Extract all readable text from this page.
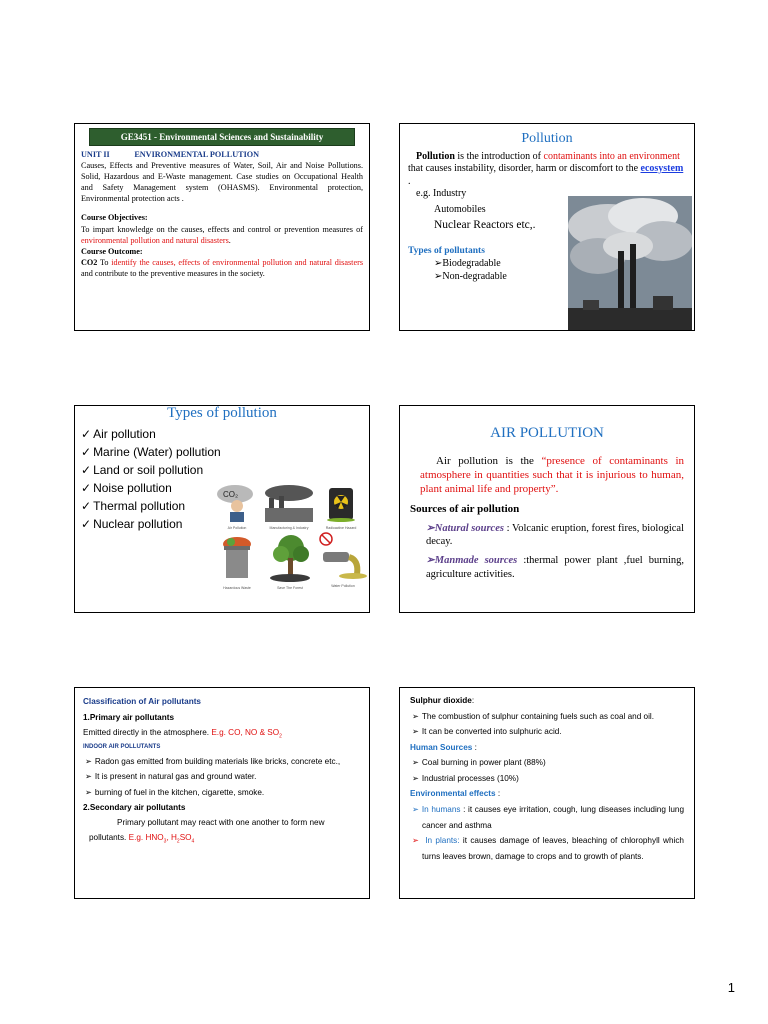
GE3451 - Environmental Sciences and Sustainability

UNIT II	ENVIRONMENTAL POLLUTION

Causes, Effects and Preventive measures of Water, Soil, Air and Noise Pollutions. Solid, Hazardous and E-Waste management. Case studies on Occupational Health and Safety Management system (OHASMS). Environmental protection, Environmental protection acts .

Course Objectives:

To impart knowledge on the causes, effects and control or prevention measures of environmental pollution and natural disasters.

Course Outcome:

CO2 To identify the causes, effects of environmental pollution and natural disasters and contribute to the preventive measures in the society.

Pollution

Pollution is the introduction of contaminants into an environment that causes instability, disorder, harm or discomfort to the ecosystem .

e.g. Industry

Automobiles

Nuclear Reactors etc,.

Types of pollutants

➢Biodegradable

➢Non-degradable

Types of pollution
✓ Air pollution
✓ Marine (Water) pollution
✓ Land or soil pollution
✓ Noise pollution
✓ Thermal pollution
✓ Nuclear pollution
CO₂
Air Pollution	Manufacturing & Industry	Radioactive Hazard
Hazardous Waste	Save The Forest	Water Pollution
AIR POLLUTION

Air pollution is the “presence of contaminants in atmosphere in quantities such that it is injurious to human, plant animal life and property”.

Sources of air pollution

➢Natural sources : Volcanic eruption, forest fires, biological decay.

➢Manmade sources :thermal power plant ,fuel burning, agriculture activities.

Classification of Air pollutants

1.Primary air pollutants

Emitted directly in the atmosphere. E.g. CO, NO & $SO_2$

INDOOR AIR POLLUTANTS

➢ Radon gas emitted from building materials like bricks, concrete etc.,

➢ It is present in natural gas and ground water.

➢ burning of fuel in the kitchen, cigarette, smoke.

2.Secondary air pollutants

Primary pollutant may react with one another to form new pollutants. E.g. $HNO_3$, $H_2SO_4$

Sulphur dioxide:

➢ The combustion of sulphur containing fuels such as coal and oil.

➢ It can be converted into sulphuric acid.

Human Sources :

➢ Coal burning in power plant (88%)

➢ Industrial processes (10%)

Environmental effects :

➢ In humans : it causes eye irritation, cough, lung diseases including lung cancer and asthma

➢ In plants: it causes damage of leaves, bleaching of chlorophyll which turns leaves brown, damage to crops and to growth of plants.

1
